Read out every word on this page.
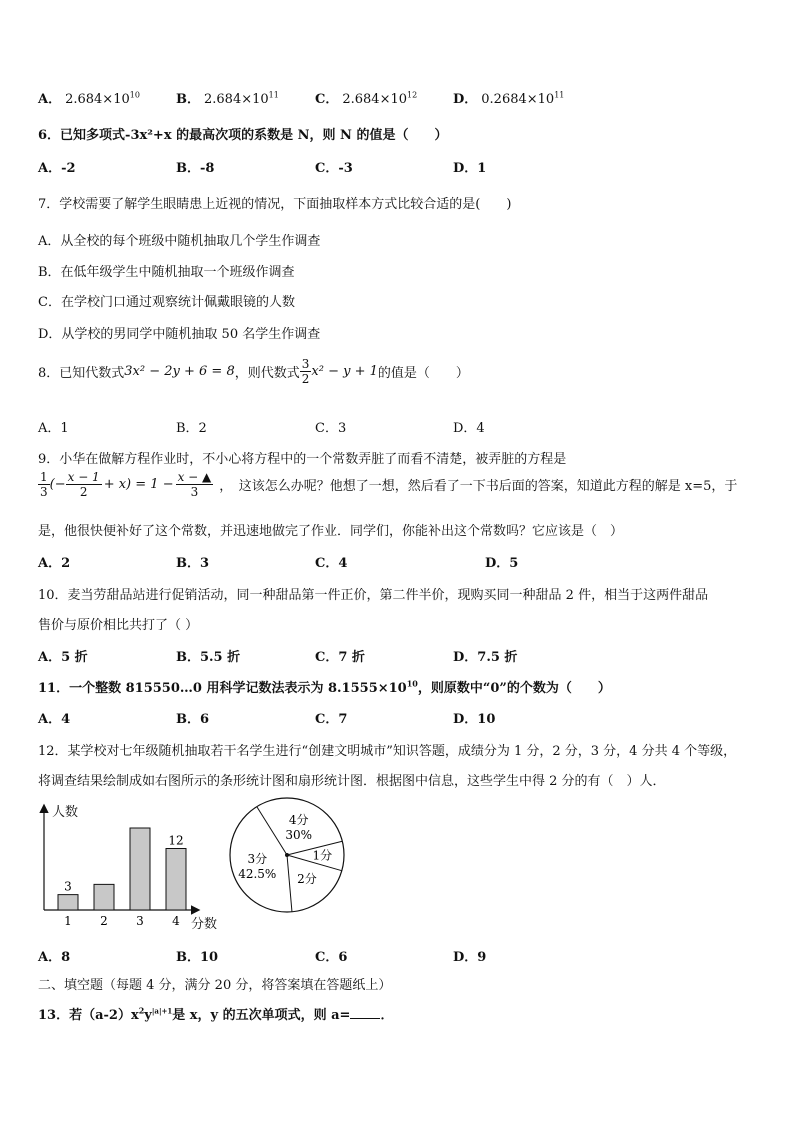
A． $2.684\times 10^{10}$	B． $2.684\times 10^{11}$	C． $2.684\times 10^{12}$	D． $0.2684\times 10^{11}$
6．已知多项式-3x²+x 的最高次项的系数是 N，则 N 的值是（　　）
A．-2	B．-8	C．-3	D．1
7．学校需要了解学生眼睛患上近视的情况，下面抽取样本方式比较合适的是(　　)
A．从全校的每个班级中随机抽取几个学生作调查
B．在低年级学生中随机抽取一个班级作调查
C．在学校门口通过观察统计佩戴眼镜的人数
D．从学校的男同学中随机抽取 50 名学生作调查
8．已知代数式 3x² − 2y + 6 = 8 ，则代数式 $\frac{3}{2} x^2 - y + 1$ 的值是（　　）
A．1	B．2	C．3	D．4
9．小华在做解方程作业时，不小心将方程中的一个常数弄脏了而看不清楚，被弄脏的方程是
$\frac{1}{3}$ (− $\frac{x - 1}{2} + x) = 1 - \frac{x - ▲}{3}$ ，　这该怎么办呢？他想了一想，然后看了一下书后面的答案，知道此方程的解是 x=5，于
是，他很快便补好了这个常数，并迅速地做完了作业．同学们，你能补出这个常数吗？它应该是（　）
A．2	B．3	C．4	D．5
10．麦当劳甜品站进行促销活动，同一种甜品第一件正价，第二件半价，现购买同一种甜品 2 件，相当于这两件甜品
售价与原价相比共打了（ ）
A．5 折	B．5.5 折	C．7 折	D．7.5 折
11．一个整数 815550…0 用科学记数法表示为 $8.1555\times 10^{10}$，则原数中“0”的个数为（　　）
A．4	B．6	C．7	D．10
12．某学校对七年级随机抽取若干名学生进行“创建文明城市”知识答题，成绩分为 1 分，2 分，3 分，4 分共 4 个等级，
将调查结果绘制成如右图所示的条形统计图和扇形统计图．根据图中信息，这些学生中得 2 分的有（　）人．
人数
分数
1
3
2 3 4
12
4分
30%
1分
2分
3分
42.5%
A．8	B．10	C．6	D．9
二、填空题（每题 4 分，满分 20 分，将答案填在答题纸上）
13．若$(a-2)x^2y^{|a|+1}$是 x，y 的五次单项式，则 a= ．
